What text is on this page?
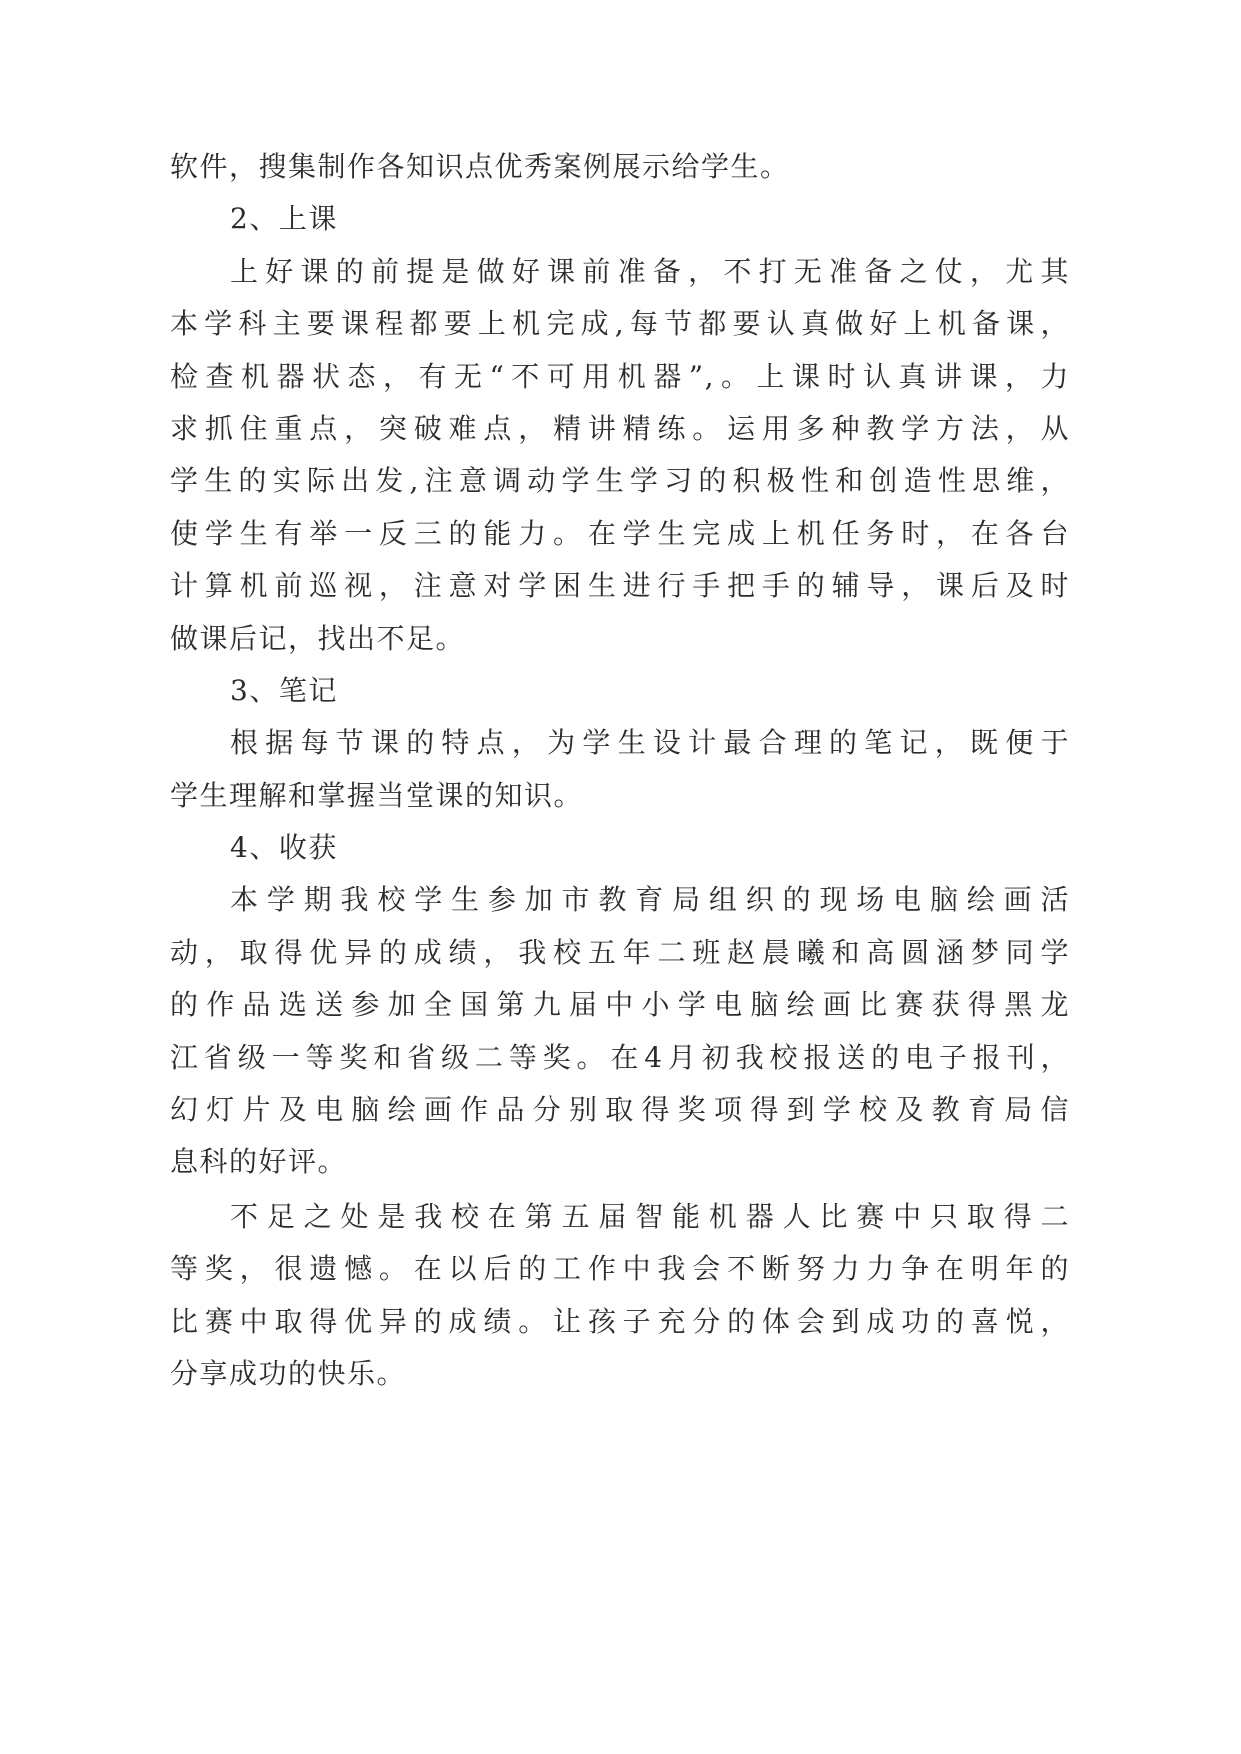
软件，搜集制作各知识点优秀案例展示给学生。
2、上课
上好课的前提是做好课前准备，不打无准备之仗，尤其
本学科主要课程都要上机完成,每节都要认真做好上机备课，
检查机器状态，有无“不可用机器”,。上课时认真讲课，力
求抓住重点，突破难点，精讲精练。运用多种教学方法，从
学生的实际出发,注意调动学生学习的积极性和创造性思维，
使学生有举一反三的能力。在学生完成上机任务时，在各台
计算机前巡视，注意对学困生进行手把手的辅导，课后及时
做课后记，找出不足。
3、笔记
根据每节课的特点，为学生设计最合理的笔记，既便于
学生理解和掌握当堂课的知识。
4、收获
本学期我校学生参加市教育局组织的现场电脑绘画活
动，取得优异的成绩，我校五年二班赵晨曦和高圆涵梦同学
的作品选送参加全国第九届中小学电脑绘画比赛获得黑龙
江省级一等奖和省级二等奖。在4月初我校报送的电子报刊，
幻灯片及电脑绘画作品分别取得奖项得到学校及教育局信
息科的好评。
不足之处是我校在第五届智能机器人比赛中只取得二
等奖，很遗憾。在以后的工作中我会不断努力力争在明年的
比赛中取得优异的成绩。让孩子充分的体会到成功的喜悦，
分享成功的快乐。
